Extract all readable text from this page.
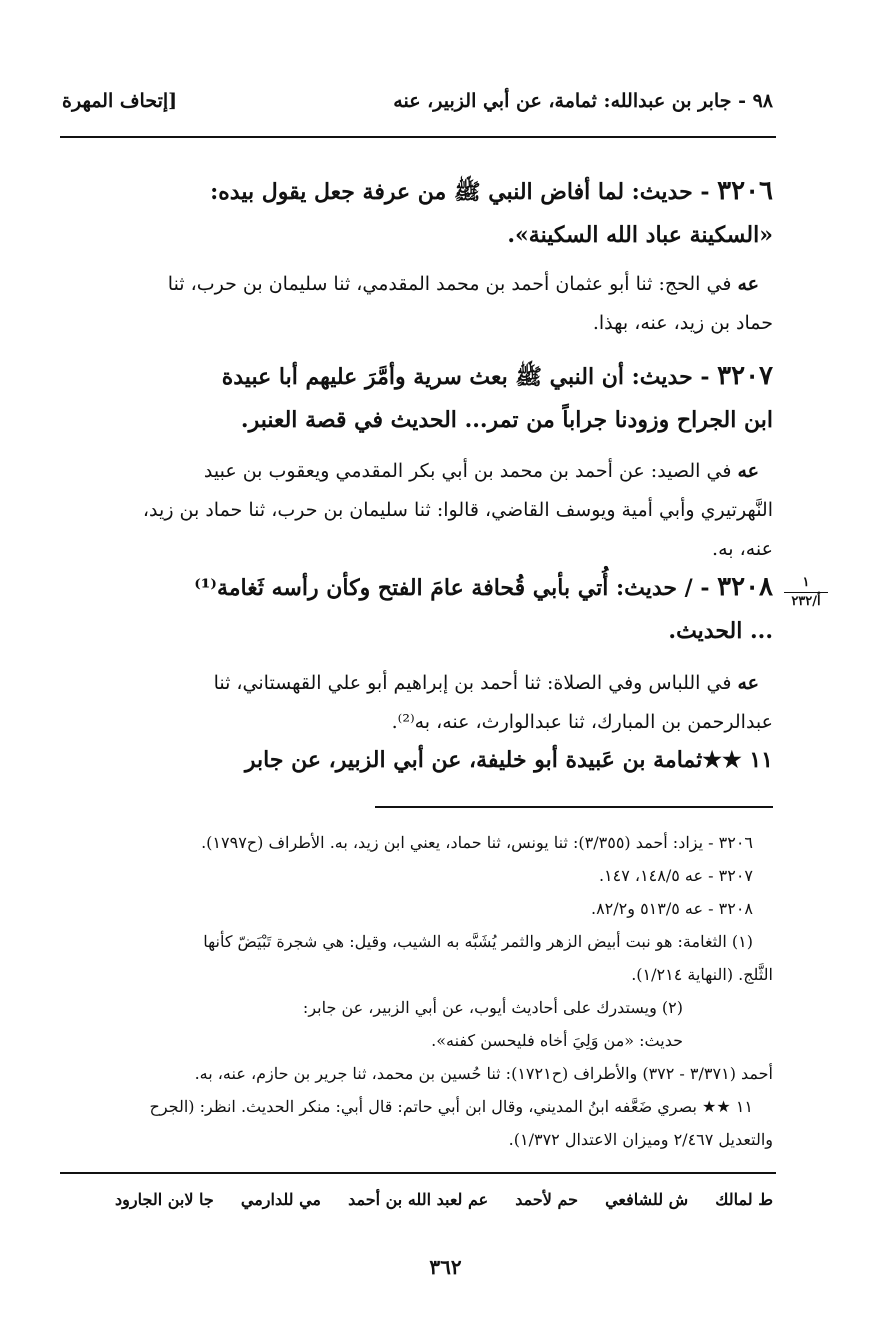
٩٨ - جابر بن عبدالله: ثمامة، عن أبي الزبير، عنه
[إتحاف المهرة
١
أ/٢٣٢
٣٢٠٦ - حديث: لما أفاض النبي ﷺ من عرفة جعل يقول بيده:
«السكينة عباد الله السكينة».
عه في الحج: ثنا أبو عثمان أحمد بن محمد المقدمي، ثنا سليمان بن حرب، ثنا
حماد بن زيد، عنه، بهذا.
٣٢٠٧ - حديث: أن النبي ﷺ بعث سرية وأمَّرَ عليهم أبا عبيدة
ابن الجراح وزودنا جراباً من تمر... الحديث في قصة العنبر.
عه في الصيد: عن أحمد بن محمد بن أبي بكر المقدمي ويعقوب بن عبيد
النَّهرتيري وأبي أمية ويوسف القاضي، قالوا: ثنا سليمان بن حرب، ثنا حماد بن زيد،
عنه، به.
٣٢٠٨ - / حديث: أُتي بأبي قُحافة عامَ الفتح وكأن رأسه ثَغامة⁽¹⁾
... الحديث.
عه في اللباس وفي الصلاة: ثنا أحمد بن إبراهيم أبو علي القهستاني، ثنا
عبدالرحمن بن المبارك، ثنا عبدالوارث، عنه، به⁽²⁾.
١١ ★★ثمامة بن عَبيدة أبو خليفة، عن أبي الزبير، عن جابر
٣٢٠٦ - يزاد: أحمد (٣/٣٥٥): ثنا يونس، ثنا حماد، يعني ابن زيد، به. الأطراف (ح١٧٩٧).
٣٢٠٧ - عه ١٤٨/٥، ١٤٧.
٣٢٠٨ - عه ٥١٣/٥ و٨٢/٢.
(١) الثغامة: هو نبت أبيض الزهر والثمر يُشَبَّه به الشيب، وقيل: هي شجرة تَبْيَضّ كأنها
الثَّلج. (النهاية ١/٢١٤).
(٢) ويستدرك على أحاديث أيوب، عن أبي الزبير، عن جابر:
حديث: «من وَلِيَ أخاه فليحسن كفنه».
أحمد (٣/٣٧١ - ٣٧٢) والأطراف (ح١٧٢١): ثنا حُسين بن محمد، ثنا جرير بن حازم، عنه، به.
١١ ★★ بصري ضَعَّفه ابنُ المديني، وقال ابن أبي حاتم: قال أبي: منكر الحديث. انظر: (الجرح
والتعديل ٢/٤٦٧ وميزان الاعتدال ١/٣٧٢).
ط لمالك
ش للشافعي
حم لأحمد
عم لعبد الله بن أحمد
مي للدارمي
جا لابن الجارود
٣٦٢
